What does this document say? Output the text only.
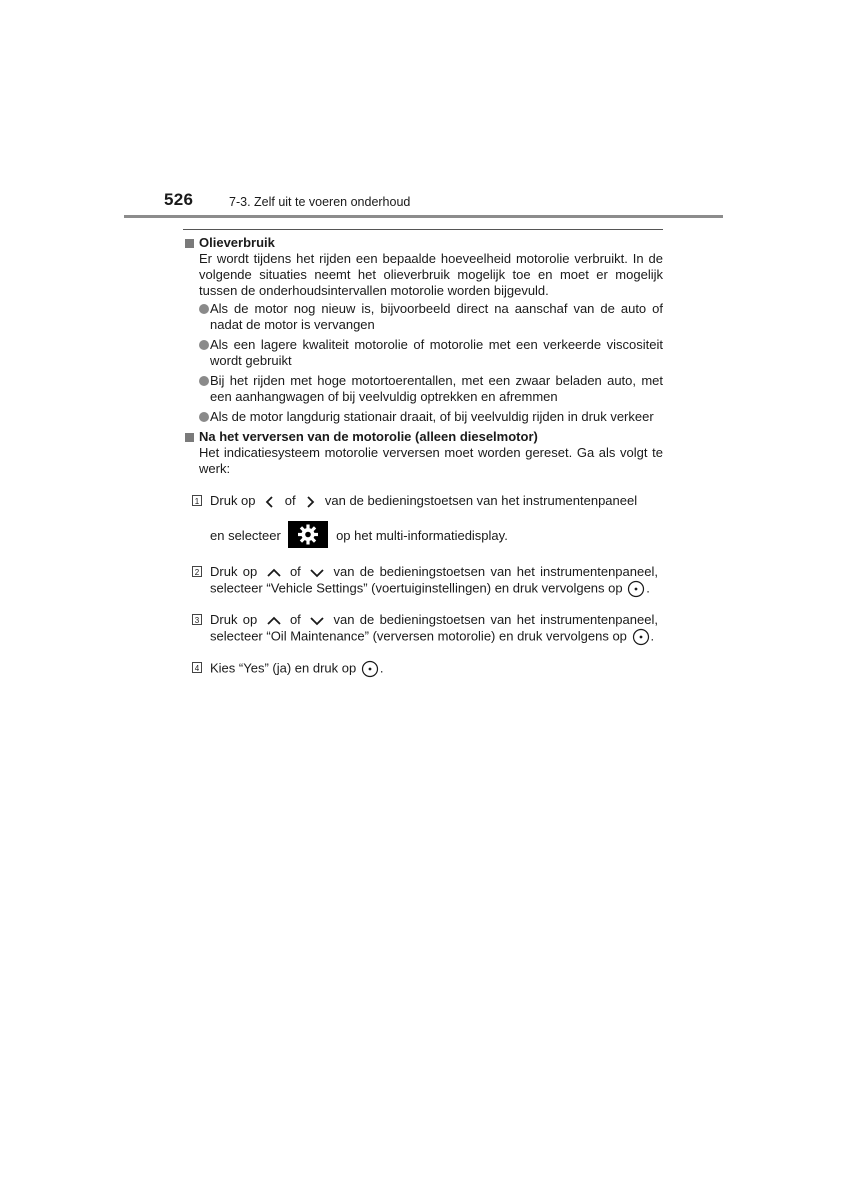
526	7-3. Zelf uit te voeren onderhoud
Olieverbruik
Er wordt tijdens het rijden een bepaalde hoeveelheid motorolie verbruikt. In de volgende situaties neemt het olieverbruik mogelijk toe en moet er mogelijk tussen de onderhoudsintervallen motorolie worden bijgevuld.
Als de motor nog nieuw is, bijvoorbeeld direct na aanschaf van de auto of nadat de motor is vervangen
Als een lagere kwaliteit motorolie of motorolie met een verkeerde viscositeit wordt gebruikt
Bij het rijden met hoge motortoerentallen, met een zwaar beladen auto, met een aanhangwagen of bij veelvuldig optrekken en afremmen
Als de motor langdurig stationair draait, of bij veelvuldig rijden in druk verkeer
Na het verversen van de motorolie (alleen dieselmotor)
Het indicatiesysteem motorolie verversen moet worden gereset. Ga als volgt te werk:
1 Druk op of van de bedieningstoetsen van het instrumentenpaneel
en selecteer	op het multi-informatiedisplay.
2 Druk op	of	van de bedieningstoetsen van het instrumentenpaneel, selecteer “Vehicle Settings” (voertuiginstellingen) en druk vervolgens op .
3 Druk op	of	van de bedieningstoetsen van het instrumentenpaneel, selecteer “Oil Maintenance” (verversen motorolie) en druk vervolgens op .
4 Kies “Yes” (ja) en druk op .
